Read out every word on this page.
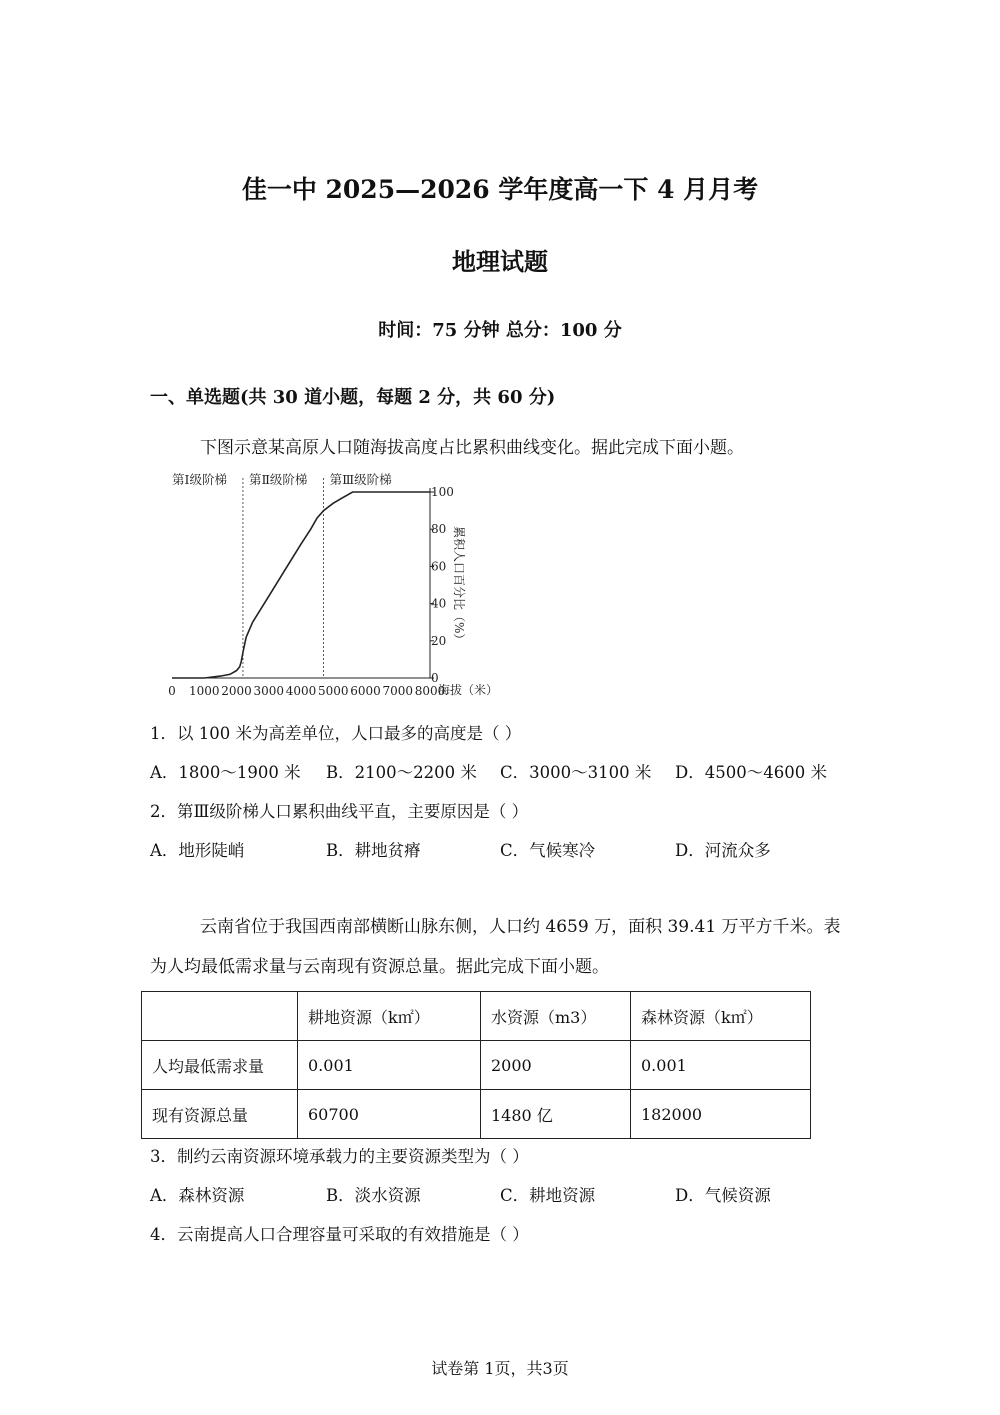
佳一中 2025—2026 学年度高一下 4 月月考
地理试题
时间：75 分钟 总分：100 分
一、单选题(共 30 道小题，每题 2 分，共 60 分)
下图示意某高原人口随海拔高度占比累积曲线变化。据此完成下面小题。
第Ⅰ级阶梯 第Ⅱ级阶梯 第Ⅲ级阶梯
0
20
40
60
80
100
0 1000 2000 3000 4000 5000 6000 7000 8000
海拔（米）
累积人口百分比（%）
1．以 100 米为高差单位，人口最多的高度是（ ）
A．1800～1900 米 B．2100～2200 米 C．3000～3100 米 D．4500～4600 米
2．第Ⅲ级阶梯人口累积曲线平直，主要原因是（ ）
A．地形陡峭	B．耕地贫瘠	C．气候寒冷	D．河流众多
云南省位于我国西南部横断山脉东侧，人口约 4659 万，面积 39.41 万平方千米。表
为人均最低需求量与云南现有资源总量。据此完成下面小题。
	耕地资源（k㎡）	水资源（m3）	森林资源（k㎡）
人均最低需求量	0.001	2000	0.001
现有资源总量	60700	1480 亿	182000
3．制约云南资源环境承载力的主要资源类型为（ ）
A．森林资源	B．淡水资源	C．耕地资源	D．气候资源
4．云南提高人口合理容量可采取的有效措施是（ ）
试卷第 1页，共3页
